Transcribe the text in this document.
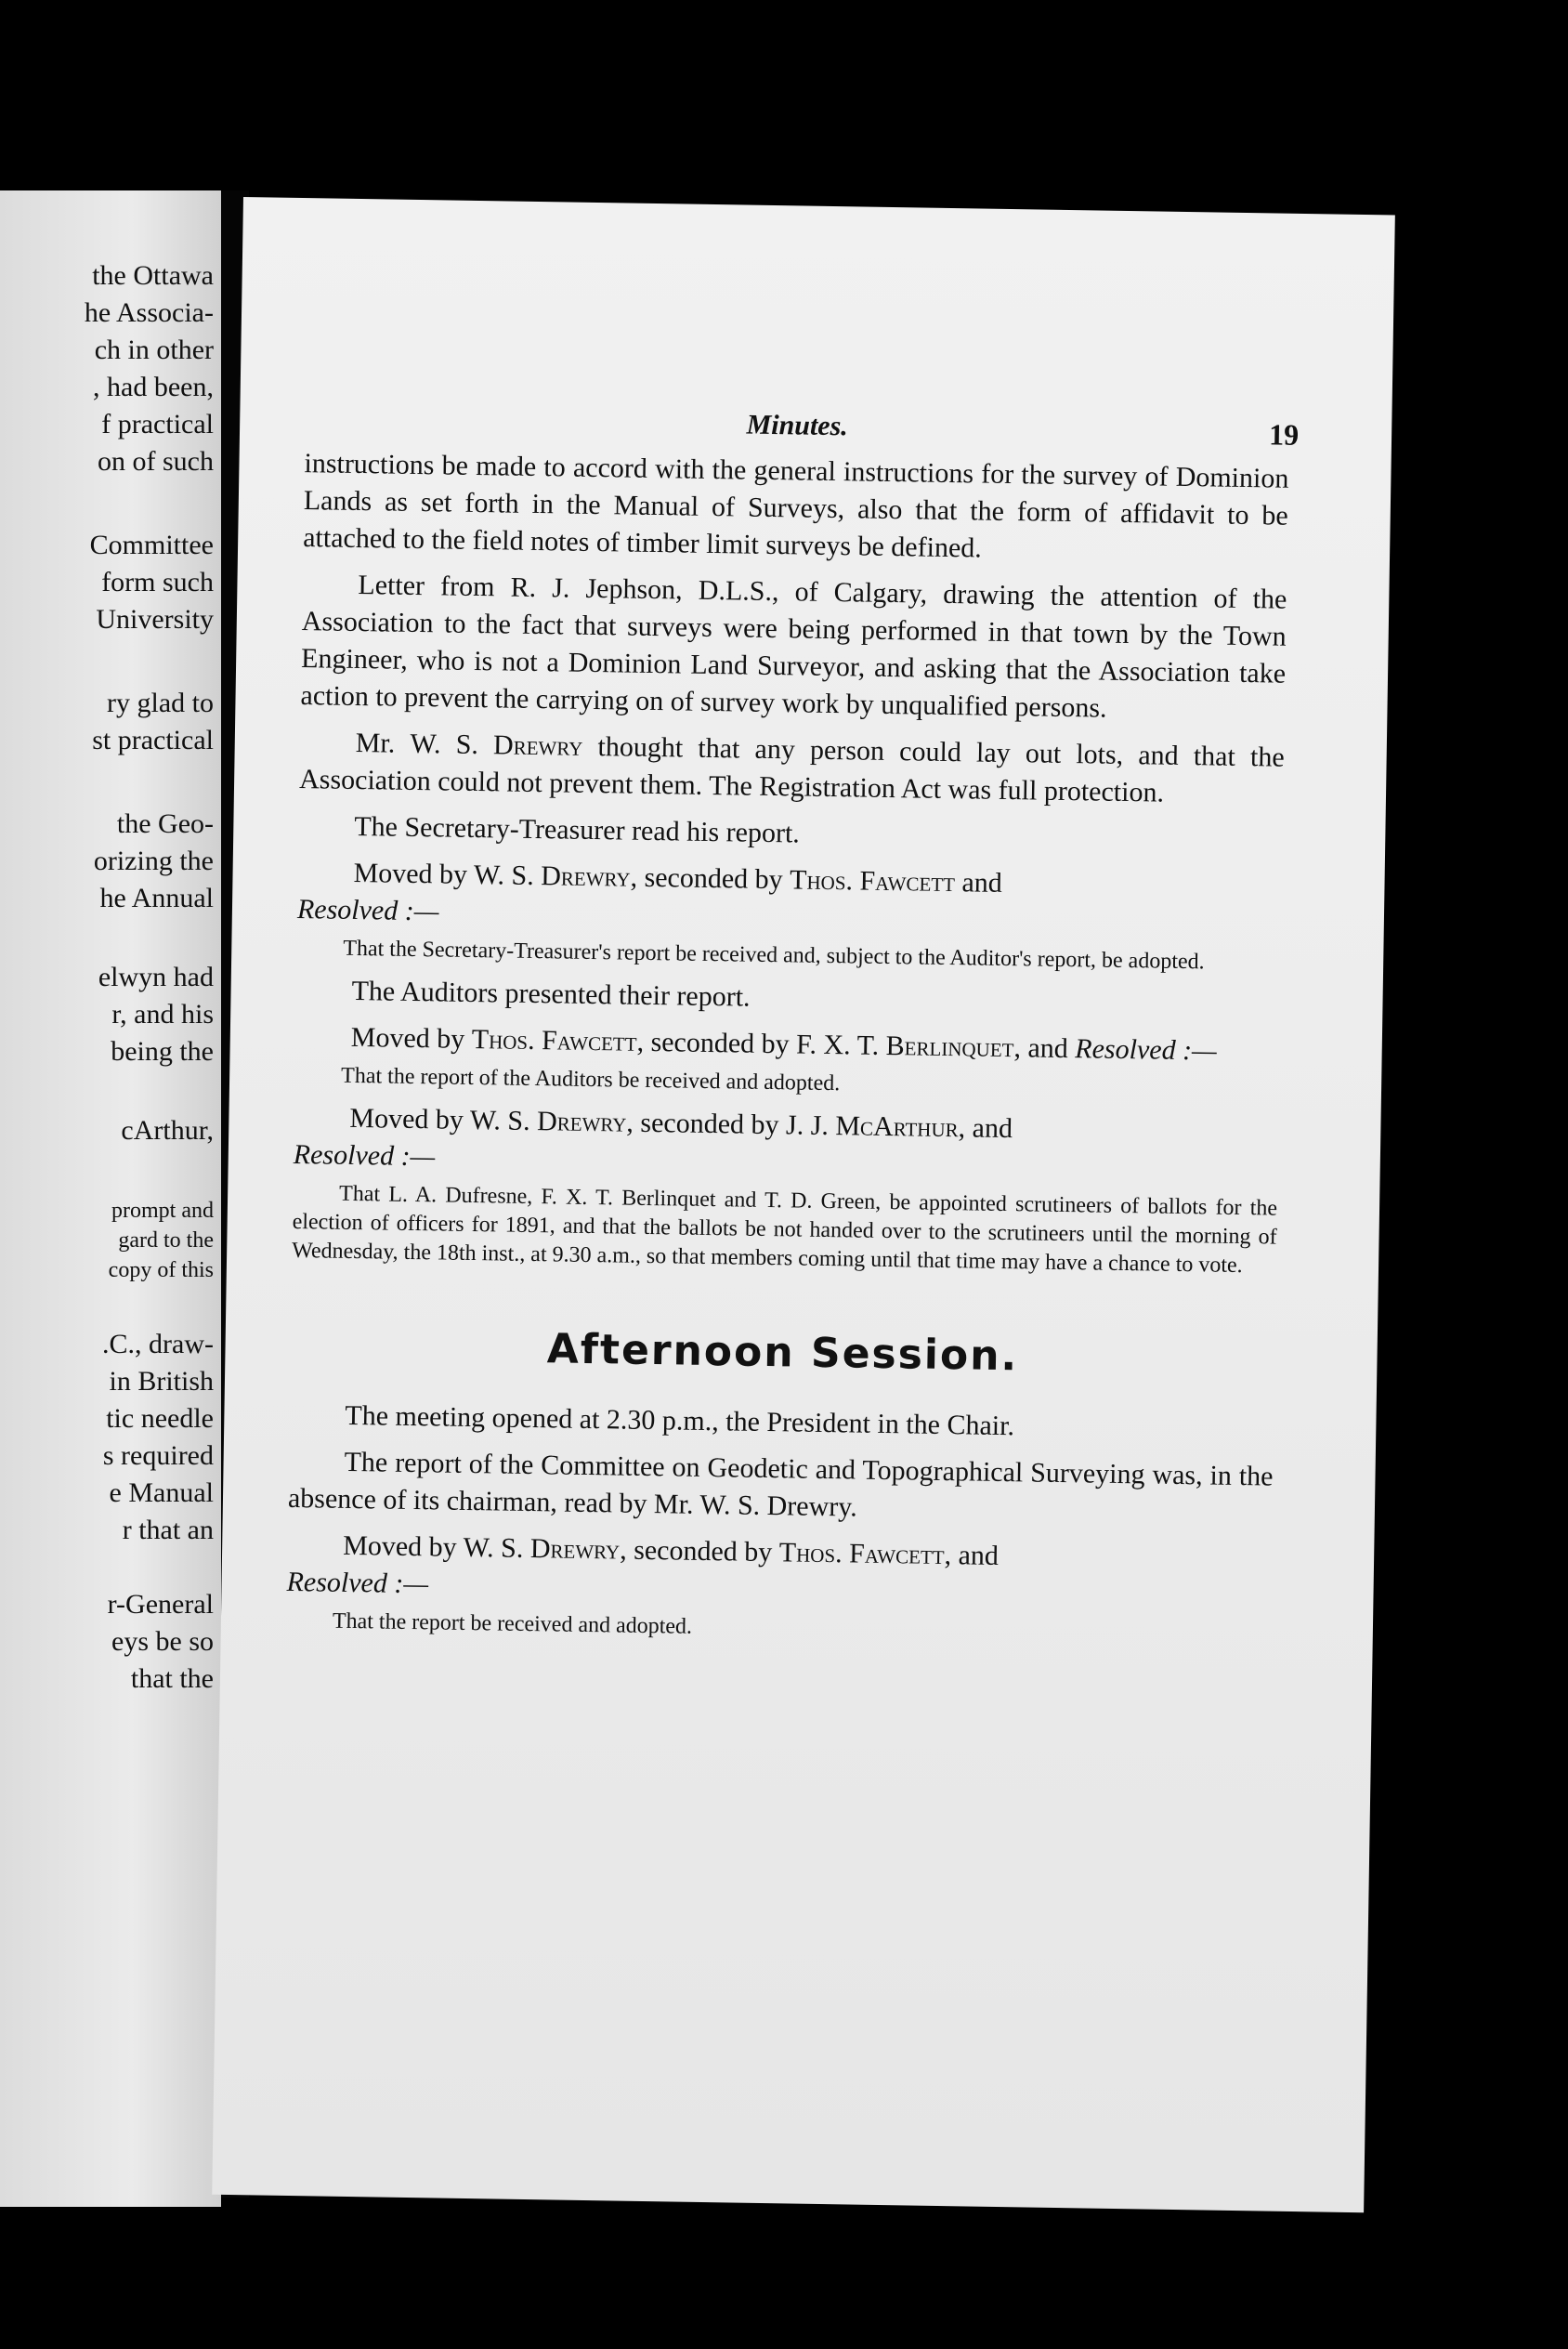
the Ottawa
he Associa-
ch in other
, had been,
f practical
on of such
Committee
form such
University
ry glad to
st practical
the Geo-
orizing the
he Annual
elwyn had
r, and his
being the
cArthur,
prompt and
gard to the
copy of this
.C., draw-
in British
tic needle
s required
e Manual
r that an
r-General
eys be so
that the
Minutes.	19

instructions be made to accord with the general instructions for the survey of Dominion Lands as set forth in the Manual of Surveys, also that the form of affidavit to be attached to the field notes of timber limit surveys be defined.

Letter from R. J. Jephson, D.L.S., of Calgary, drawing the attention of the Association to the fact that surveys were being performed in that town by the Town Engineer, who is not a Dominion Land Surveyor, and asking that the Association take action to prevent the carrying on of survey work by unqualified persons.

Mr. W. S. Drewry thought that any person could lay out lots, and that the Association could not prevent them. The Registration Act was full protection.

The Secretary-Treasurer read his report.

Moved by W. S. Drewry, seconded by Thos. Fawcett and

Resolved :—

That the Secretary-Treasurer's report be received and, subject to the Auditor's report, be adopted.

The Auditors presented their report.

Moved by Thos. Fawcett, seconded by F. X. T. Berlinquet, and Resolved :—

That the report of the Auditors be received and adopted.

Moved by W. S. Drewry, seconded by J. J. McArthur, and

Resolved :—

That L. A. Dufresne, F. X. T. Berlinquet and T. D. Green, be appointed scrutineers of ballots for the election of officers for 1891, and that the ballots be not handed over to the scrutineers until the morning of Wednesday, the 18th inst., at 9.30 a.m., so that members coming until that time may have a chance to vote.

Afternoon Session.

The meeting opened at 2.30 p.m., the President in the Chair.

The report of the Committee on Geodetic and Topographical Surveying was, in the absence of its chairman, read by Mr. W. S. Drewry.

Moved by W. S. Drewry, seconded by Thos. Fawcett, and

Resolved :—

That the report be received and adopted.
